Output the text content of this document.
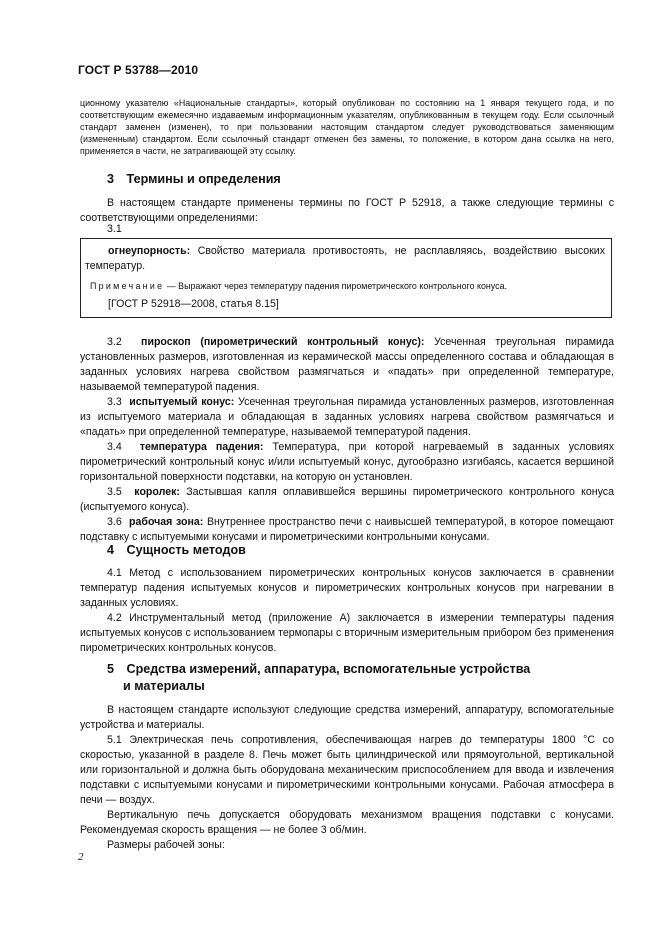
ГОСТ Р 53788—2010

ционному указателю «Национальные стандарты», который опубликован по состоянию на 1 января текущего года, и по соответствующим ежемесячно издаваемым информационным указателям, опубликованным в текущем году. Если ссылочный стандарт заменен (изменен), то при пользовании настоящим стандартом следует руководствоваться заменяющим (измененным) стандартом. Если ссылочный стандарт отменен без замены, то положение, в котором дана ссылка на него, применяется в части, не затрагивающей эту ссылку.

3 Термины и определения

В настоящем стандарте применены термины по ГОСТ Р 52918, а также следующие термины с соответствующими определениями:

3.1

огнеупорность: Свойство материала противостоять, не расплавляясь, воздействию высоких температур.

Примечание — Выражают через температуру падения пирометрического контрольного конуса.

[ГОСТ Р 52918—2008, статья 8.15]

3.2 пироскоп (пирометрический контрольный конус): Усеченная треугольная пирамида установленных размеров, изготовленная из керамической массы определенного состава и обладающая в заданных условиях нагрева свойством размягчаться и «падать» при определенной температуре, называемой температурой падения.

3.3 испытуемый конус: Усеченная треугольная пирамида установленных размеров, изготовленная из испытуемого материала и обладающая в заданных условиях нагрева свойством размягчаться и «падать» при определенной температуре, называемой температурой падения.

3.4 температура падения: Температура, при которой нагреваемый в заданных условиях пирометрический контрольный конус и/или испытуемый конус, дугообразно изгибаясь, касается вершиной горизонтальной поверхности подставки, на которую он установлен.

3.5 королек: Застывшая капля оплавившейся вершины пирометрического контрольного конуса (испытуемого конуса).

3.6 рабочая зона: Внутреннее пространство печи с наивысшей температурой, в которое помещают подставку с испытуемыми конусами и пирометрическими контрольными конусами.

4 Сущность методов

4.1 Метод с использованием пирометрических контрольных конусов заключается в сравнении температур падения испытуемых конусов и пирометрических контрольных конусов при нагревании в заданных условиях.

4.2 Инструментальный метод (приложение А) заключается в измерении температуры падения испытуемых конусов с использованием термопары с вторичным измерительным прибором без применения пирометрических контрольных конусов.

5 Средства измерений, аппаратура, вспомогательные устройства
и материалы

В настоящем стандарте используют следующие средства измерений, аппаратуру, вспомогательные устройства и материалы.

5.1 Электрическая печь сопротивления, обеспечивающая нагрев до температуры 1800 °С со скоростью, указанной в разделе 8. Печь может быть цилиндрической или прямоугольной, вертикальной или горизонтальной и должна быть оборудована механическим приспособлением для ввода и извлечения подставки с испытуемыми конусами и пирометрическими контрольными конусами. Рабочая атмосфера в печи — воздух.

Вертикальную печь допускается оборудовать механизмом вращения подставки с конусами. Рекомендуемая скорость вращения — не более 3 об/мин.

Размеры рабочей зоны:

2
